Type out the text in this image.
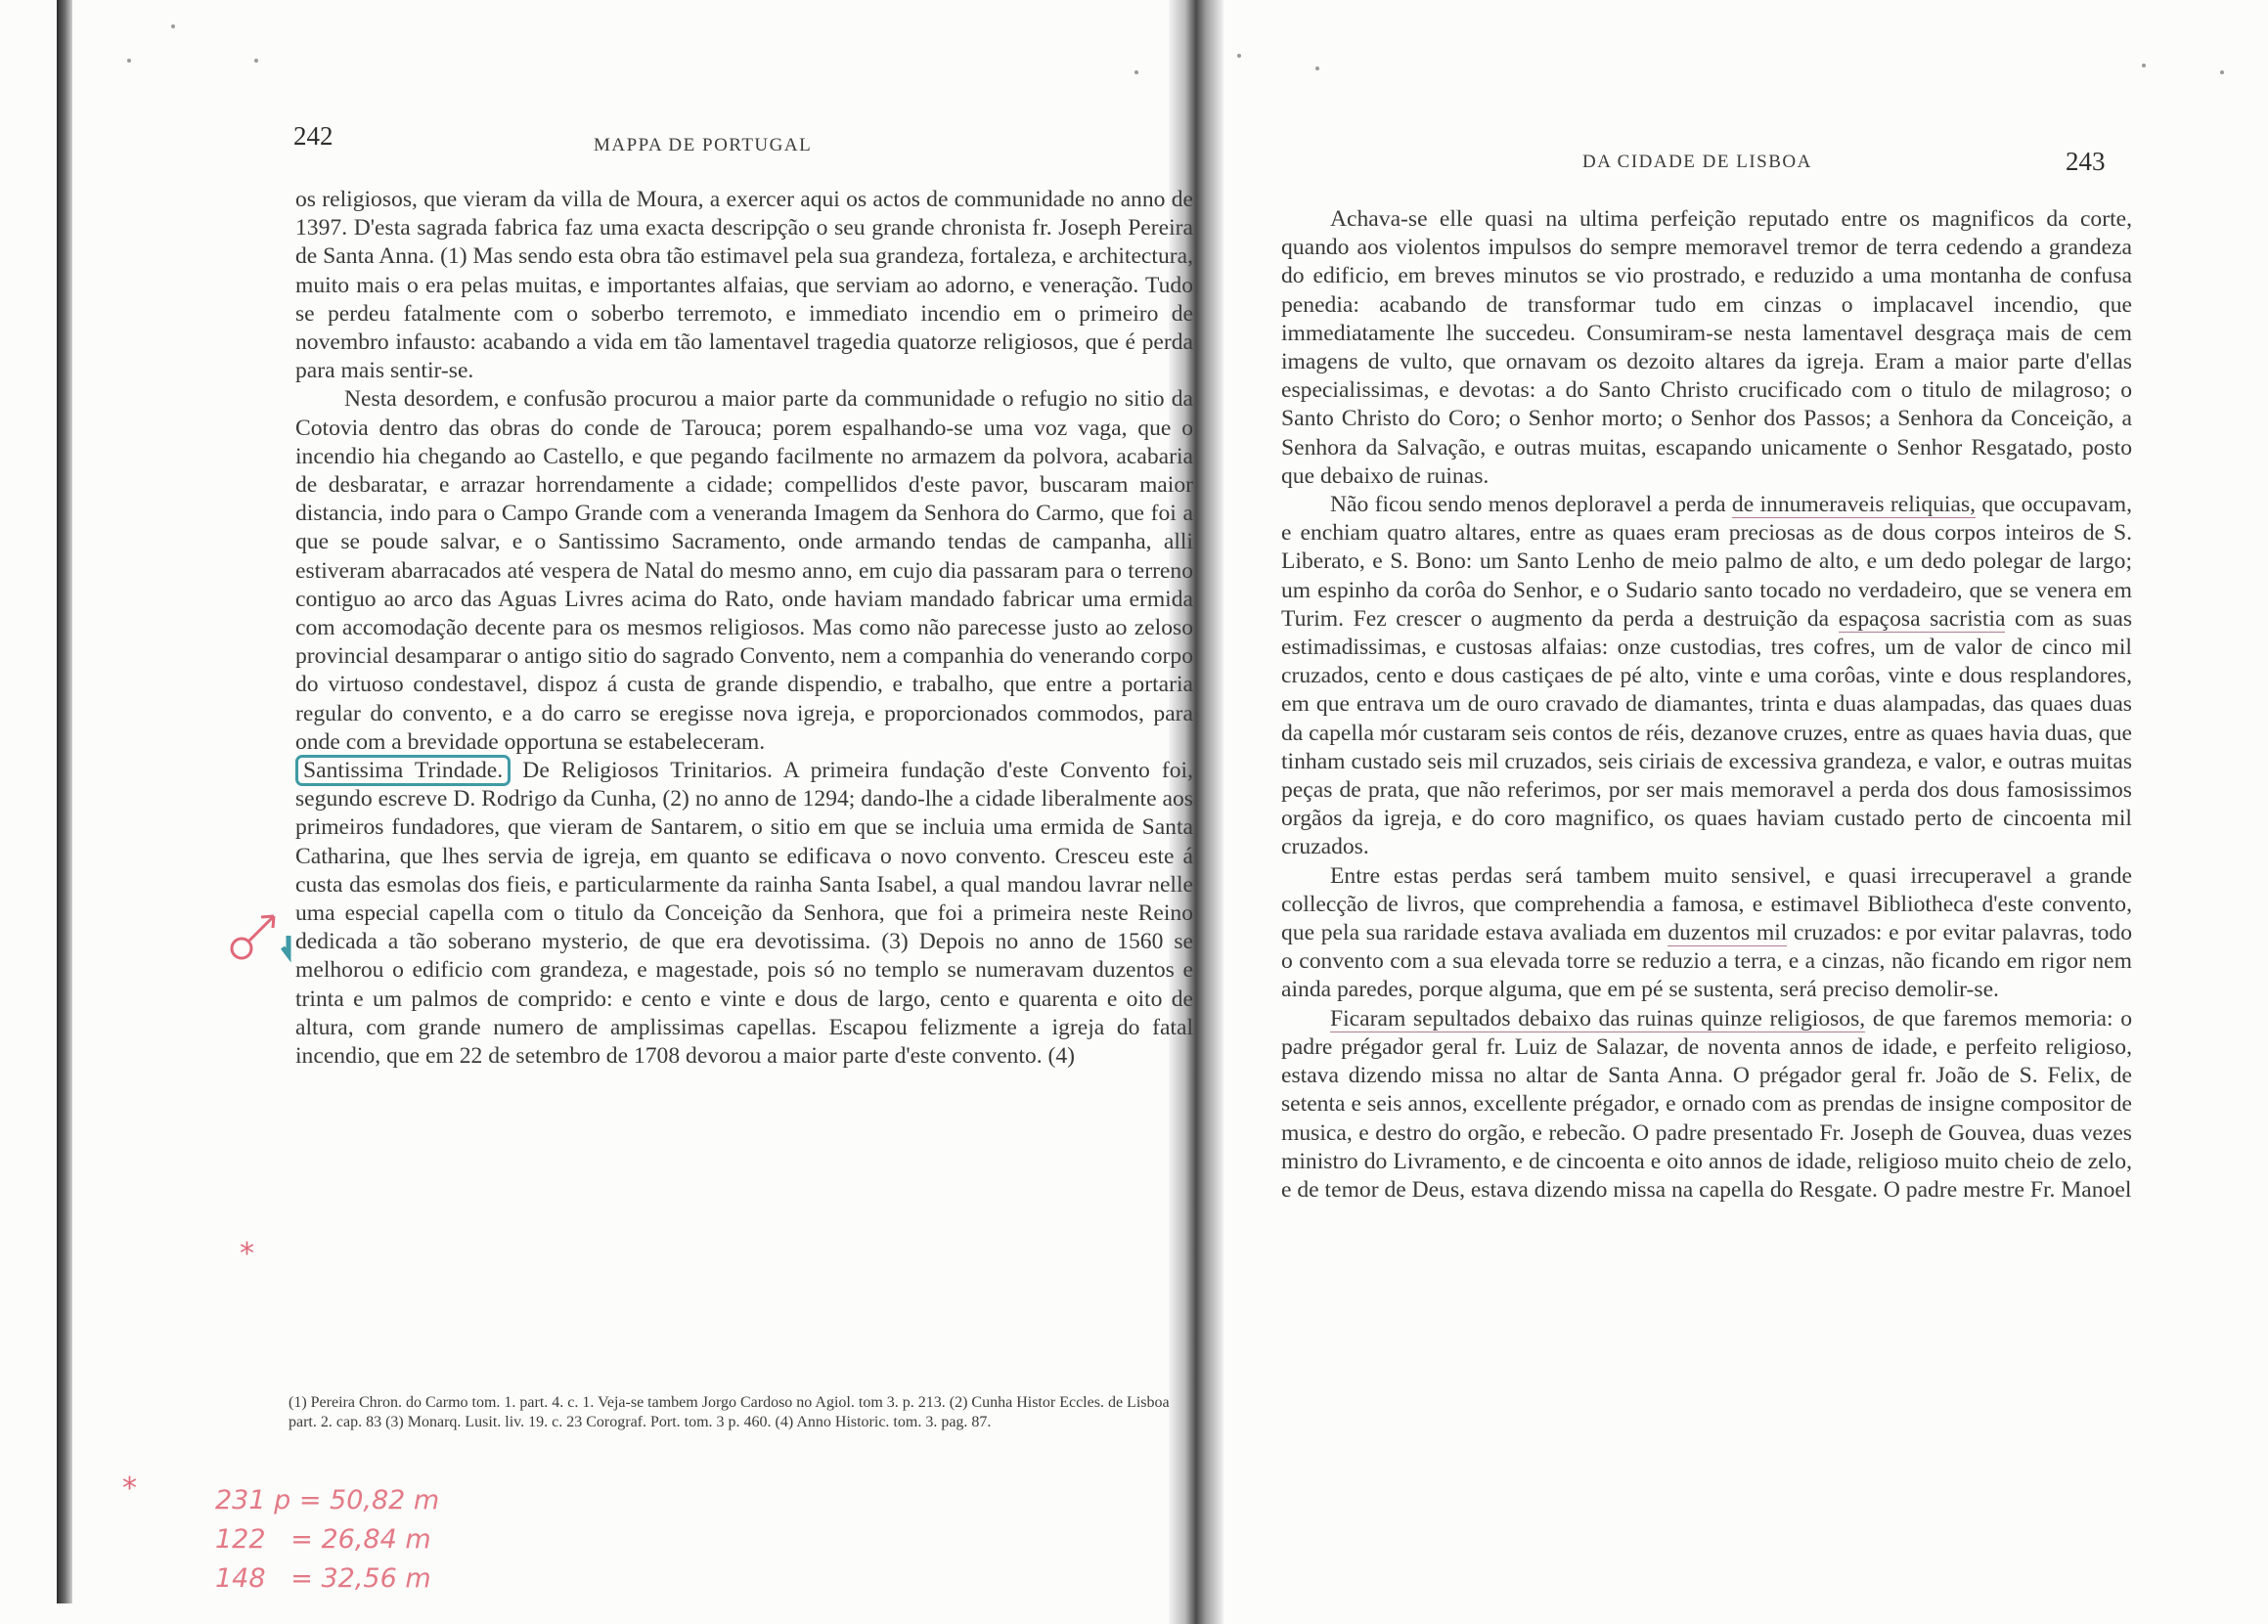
242	MAPPA DE PORTUGAL

os religiosos, que vieram da villa de Moura, a exercer aqui os actos de communidade no anno de 1397. D'esta sagrada fabrica faz uma exacta descripção o seu grande chronista fr. Joseph Pereira de Santa Anna. (1) Mas sendo esta obra tão estimavel pela sua grandeza, fortaleza, e architectura, muito mais o era pelas muitas, e importantes alfaias, que serviam ao adorno, e veneração. Tudo se perdeu fatalmente com o soberbo terremoto, e immediato incendio em o primeiro de novembro infausto: acabando a vida em tão lamentavel tragedia quatorze religiosos, que é perda para mais sentir-se.

Nesta desordem, e confusão procurou a maior parte da communidade o refugio no sitio da Cotovia dentro das obras do conde de Tarouca; porem espalhando-se uma voz vaga, que o incendio hia chegando ao Castello, e que pegando facilmente no armazem da polvora, acabaria de desbaratar, e arrazar horrendamente a cidade; compellidos d'este pavor, buscaram maior distancia, indo para o Campo Grande com a veneranda Imagem da Senhora do Carmo, que foi a que se poude salvar, e o Santissimo Sacramento, onde armando tendas de campanha, alli estiveram abarracados até vespera de Natal do mesmo anno, em cujo dia passaram para o terreno contiguo ao arco das Aguas Livres acima do Rato, onde haviam mandado fabricar uma ermida com accomodação decente para os mesmos religiosos. Mas como não parecesse justo ao zeloso provincial desamparar o antigo sitio do sagrado Convento, nem a companhia do venerando corpo do virtuoso condestavel, dispoz á custa de grande dispendio, e trabalho, que entre a portaria regular do convento, e a do carro se eregisse nova igreja, e proporcionados commodos, para onde com a brevidade opportuna se estabeleceram.

Santissima Trindade. De Religiosos Trinitarios. A primeira fundação d'este Convento foi, segundo escreve D. Rodrigo da Cunha, (2) no anno de 1294; dando-lhe a cidade liberalmente aos primeiros fundadores, que vieram de Santarem, o sitio em que se incluia uma ermida de Santa Catharina, que lhes servia de igreja, em quanto se edificava o novo convento. Cresceu este á custa das esmolas dos fieis, e particularmente da rainha Santa Isabel, a qual mandou lavrar nelle uma especial capella com o titulo da Conceição da Senhora, que foi a primeira neste Reino dedicada a tão soberano mysterio, de que era devotissima. (3) Depois no anno de 1560 se melhorou o edificio com grandeza, e magestade, pois só no templo se numeravam duzentos e trinta e um palmos de comprido: e cento e vinte e dous de largo, cento e quarenta e oito de altura, com grande numero de amplissimas capellas. Escapou felizmente a igreja do fatal incendio, que em 22 de setembro de 1708 devorou a maior parte d'este convento. (4)

(1) Pereira Chron. do Carmo tom. 1. part. 4. c. 1. Veja-se tambem Jorgo Cardoso no Agiol. tom 3. p. 213. (2) Cunha Histor Eccles. de Lisboa part. 2. cap. 83 (3) Monarq. Lusit. liv. 19. c. 23 Corograf. Port. tom. 3 p. 460. (4) Anno Historic. tom. 3. pag. 87.

*
*	231 p = 50,82 m
122   = 26,84 m
148   = 32,56 m
DA CIDADE DE LISBOA	243

Achava-se elle quasi na ultima perfeição reputado entre os magnificos da corte, quando aos violentos impulsos do sempre memoravel tremor de terra cedendo a grandeza do edificio, em breves minutos se vio prostrado, e reduzido a uma montanha de confusa penedia: acabando de transformar tudo em cinzas o implacavel incendio, que immediatamente lhe succedeu. Consumiram-se nesta lamentavel desgraça mais de cem imagens de vulto, que ornavam os dezoito altares da igreja. Eram a maior parte d'ellas especialissimas, e devotas: a do Santo Christo crucificado com o titulo de milagroso; o Santo Christo do Coro; o Senhor morto; o Senhor dos Passos; a Senhora da Conceição, a Senhora da Salvação, e outras muitas, escapando unicamente o Senhor Resgatado, posto que debaixo de ruinas.

Não ficou sendo menos deploravel a perda de innumeraveis reliquias, que occupavam, e enchiam quatro altares, entre as quaes eram preciosas as de dous corpos inteiros de S. Liberato, e S. Bono: um Santo Lenho de meio palmo de alto, e um dedo polegar de largo; um espinho da corôa do Senhor, e o Sudario santo tocado no verdadeiro, que se venera em Turim. Fez crescer o augmento da perda a destruição da espaçosa sacristia com as suas estimadissimas, e custosas alfaias: onze custodias, tres cofres, um de valor de cinco mil cruzados, cento e dous castiçaes de pé alto, vinte e uma corôas, vinte e dous resplandores, em que entrava um de ouro cravado de diamantes, trinta e duas alampadas, das quaes duas da capella mór custaram seis contos de réis, dezanove cruzes, entre as quaes havia duas, que tinham custado seis mil cruzados, seis ciriais de excessiva grandeza, e valor, e outras muitas peças de prata, que não referimos, por ser mais memoravel a perda dos dous famosissimos orgãos da igreja, e do coro magnifico, os quaes haviam custado perto de cincoenta mil cruzados.

Entre estas perdas será tambem muito sensivel, e quasi irrecuperavel a grande collecção de livros, que comprehendia a famosa, e estimavel Bibliotheca d'este convento, que pela sua raridade estava avaliada em duzentos mil cruzados: e por evitar palavras, todo o convento com a sua elevada torre se reduzio a terra, e a cinzas, não ficando em rigor nem ainda paredes, porque alguma, que em pé se sustenta, será preciso demolir-se.

Ficaram sepultados debaixo das ruinas quinze religiosos, de que faremos memoria: o padre prégador geral fr. Luiz de Salazar, de noventa annos de idade, e perfeito religioso, estava dizendo missa no altar de Santa Anna. O prégador geral fr. João de S. Felix, de setenta e seis annos, excellente prégador, e ornado com as prendas de insigne compositor de musica, e destro do orgão, e rebecão. O padre presentado Fr. Joseph de Gouvea, duas vezes ministro do Livramento, e de cincoenta e oito annos de idade, religioso muito cheio de zelo, e de temor de Deus, estava dizendo missa na capella do Resgate. O padre mestre Fr. Manoel
